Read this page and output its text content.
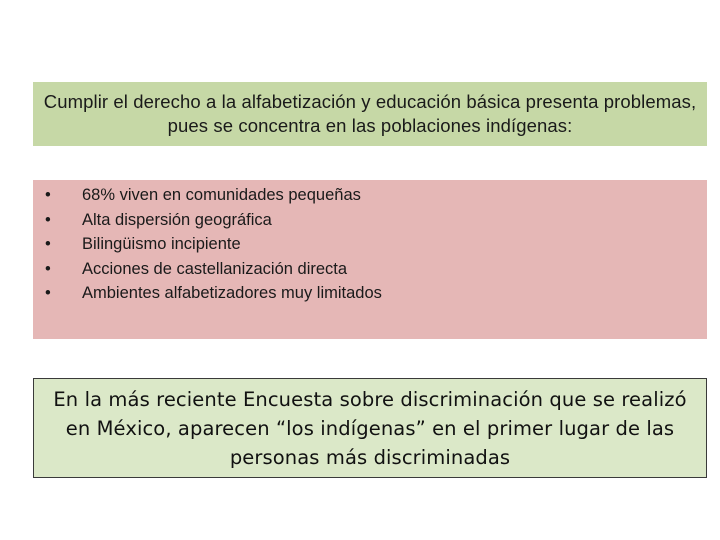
Cumplir el derecho a la alfabetización y educación básica presenta problemas, pues se concentra en las poblaciones indígenas:

• 68% viven en comunidades pequeñas
• Alta dispersión geográfica
• Bilingüismo incipiente
• Acciones de castellanización directa
• Ambientes alfabetizadores muy limitados

En la más reciente Encuesta sobre discriminación que se realizó en México, aparecen “los indígenas” en el primer lugar de las personas más discriminadas
